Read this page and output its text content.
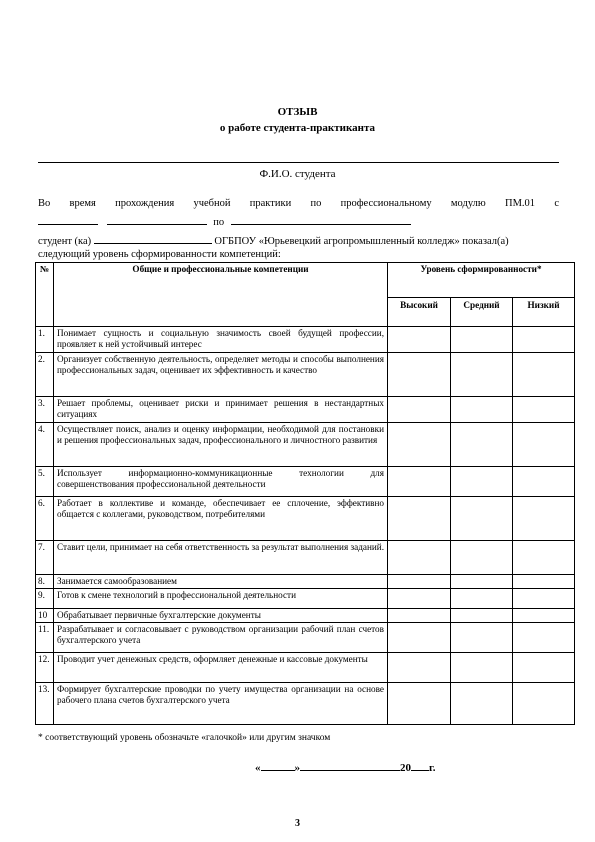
ОТЗЫВ
о работе студента-практиканта
Ф.И.О. студента
Во время прохождения учебной практики по профессиональному модулю ПМ.01 с
по
студент (ка)	ОГБПОУ «Юрьевецкий агропромышленный колледж» показал(а)
следующий уровень сформированности компетенций:
№	Общие и профессиональные компетенции	Уровень сформированности*		
		Высокий	Средний	Низкий
1.	Понимает сущность и социальную значимость своей будущей профессии, проявляет к ней устойчивый интерес			
2.	Организует собственную деятельность, определяет методы и способы выполнения профессиональных задач, оценивает их эффективность и качество			
3.	Решает проблемы, оценивает риски и принимает решения в нестандартных ситуациях			
4.	Осуществляет поиск, анализ и оценку информации, необходимой для постановки и решения профессиональных задач, профессионального и личностного развития			
5.	Использует информационно-коммуникационные технологии для совершенствования профессиональной деятельности			
6.	Работает в коллективе и команде, обеспечивает ее сплочение, эффективно общается с коллегами, руководством, потребителями			
7.	Ставит цели, принимает на себя ответственность за результат выполнения заданий.			
8.	Занимается самообразованием			
9.	Готов к смене технологий в профессиональной деятельности			
10	Обрабатывает первичные бухгалтерские документы			
11.	Разрабатывает и согласовывает с руководством организации рабочий план счетов бухгалтерского учета			
12.	Проводит учет денежных средств, оформляет денежные и кассовые документы			
13.	Формирует бухгалтерские проводки по учету имущества организации на основе рабочего плана счетов бухгалтерского учета			
* соответствующий уровень обозначьте «галочкой» или другим значком
«	»	20 г.
3
